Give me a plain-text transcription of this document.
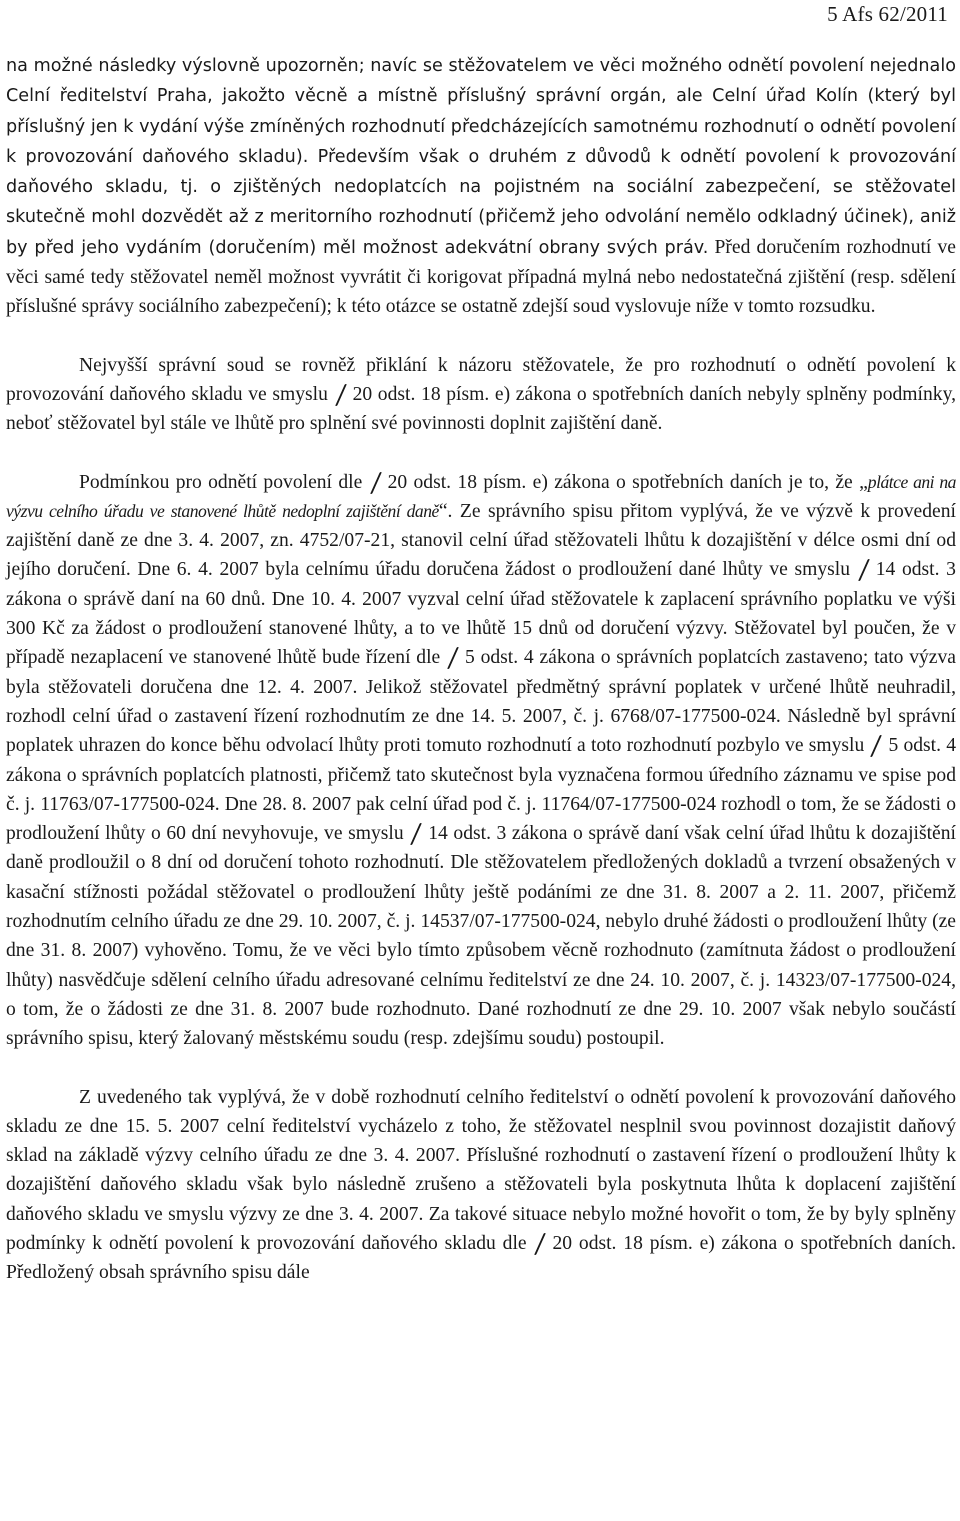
5 Afs 62/2011

na možné následky výslovně upozorněn; navíc se stěžovatelem ve věci možného odnětí povolení nejednalo Celní ředitelství Praha, jakožto věcně a místně příslušný správní orgán, ale Celní úřad Kolín (který byl příslušný jen k vydání výše zmíněných rozhodnutí předcházejících samotnému rozhodnutí o odnětí povolení k provozování daňového skladu). Především však o druhém z důvodů k odnětí povolení k provozování daňového skladu, tj. o zjištěných nedoplatcích na pojistném na sociální zabezpečení, se stěžovatel skutečně mohl dozvědět až z meritorního rozhodnutí (přičemž jeho odvolání nemělo odkladný účinek), aniž by před jeho vydáním (doručením) měl možnost adekvátní obrany svých práv. Před doručením rozhodnutí ve věci samé tedy stěžovatel neměl možnost vyvrátit či korigovat případná mylná nebo nedostatečná zjištění (resp. sdělení příslušné správy sociálního zabezpečení); k této otázce se ostatně zdejší soud vyslovuje níže v tomto rozsudku.

Nejvyšší správní soud se rovněž přiklání k názoru stěžovatele, že pro rozhodnutí o odnětí povolení k provozování daňového skladu ve smyslu 20 odst. 18 písm. e) zákona o spotřebních daních nebyly splněny podmínky, neboť stěžovatel byl stále ve lhůtě pro splnění své povinnosti doplnit zajištění daně.

Podmínkou pro odnětí povolení dle 20 odst. 18 písm. e) zákona o spotřebních daních je to, že „plátce ani na výzvu celního úřadu ve stanovené lhůtě nedoplní zajištění daně“. Ze správního spisu přitom vyplývá, že ve výzvě k provedení zajištění daně ze dne 3. 4. 2007, zn. 4752/07-21, stanovil celní úřad stěžovateli lhůtu k dozajištění v délce osmi dní od jejího doručení. Dne 6. 4. 2007 byla celnímu úřadu doručena žádost o prodloužení dané lhůty ve smyslu 14 odst. 3 zákona o správě daní na 60 dnů. Dne 10. 4. 2007 vyzval celní úřad stěžovatele k zaplacení správního poplatku ve výši 300 Kč za žádost o prodloužení stanovené lhůty, a to ve lhůtě 15 dnů od doručení výzvy. Stěžovatel byl poučen, že v případě nezaplacení ve stanovené lhůtě bude řízení dle 5 odst. 4 zákona o správních poplatcích zastaveno; tato výzva byla stěžovateli doručena dne 12. 4. 2007. Jelikož stěžovatel předmětný správní poplatek v určené lhůtě neuhradil, rozhodl celní úřad o zastavení řízení rozhodnutím ze dne 14. 5. 2007, č. j. 6768/07-177500-024. Následně byl správní poplatek uhrazen do konce běhu odvolací lhůty proti tomuto rozhodnutí a toto rozhodnutí pozbylo ve smyslu 5 odst. 4 zákona o správních poplatcích platnosti, přičemž tato skutečnost byla vyznačena formou úředního záznamu ve spise pod č. j. 11763/07-177500-024. Dne 28. 8. 2007 pak celní úřad pod č. j. 11764/07-177500-024 rozhodl o tom, že se žádosti o prodloužení lhůty o 60 dní nevyhovuje, ve smyslu 14 odst. 3 zákona o správě daní však celní úřad lhůtu k dozajištění daně prodloužil o 8 dní od doručení tohoto rozhodnutí. Dle stěžovatelem předložených dokladů a tvrzení obsažených v kasační stížnosti požádal stěžovatel o prodloužení lhůty ještě podáními ze dne 31. 8. 2007 a 2. 11. 2007, přičemž rozhodnutím celního úřadu ze dne 29. 10. 2007, č. j. 14537/07-177500-024, nebylo druhé žádosti o prodloužení lhůty (ze dne 31. 8. 2007) vyhověno. Tomu, že ve věci bylo tímto způsobem věcně rozhodnuto (zamítnuta žádost o prodloužení lhůty) nasvědčuje sdělení celního úřadu adresované celnímu ředitelství ze dne 24. 10. 2007, č. j. 14323/07-177500-024, o tom, že o žádosti ze dne 31. 8. 2007 bude rozhodnuto. Dané rozhodnutí ze dne 29. 10. 2007 však nebylo součástí správního spisu, který žalovaný městskému soudu (resp. zdejšímu soudu) postoupil.

Z uvedeného tak vyplývá, že v době rozhodnutí celního ředitelství o odnětí povolení k provozování daňového skladu ze dne 15. 5. 2007 celní ředitelství vycházelo z toho, že stěžovatel nesplnil svou povinnost dozajistit daňový sklad na základě výzvy celního úřadu ze dne 3. 4. 2007. Příslušné rozhodnutí o zastavení řízení o prodloužení lhůty k dozajištění daňového skladu však bylo následně zrušeno a stěžovateli byla poskytnuta lhůta k doplacení zajištění daňového skladu ve smyslu výzvy ze dne 3. 4. 2007. Za takové situace nebylo možné hovořit o tom, že by byly splněny podmínky k odnětí povolení k provozování daňového skladu dle 20 odst. 18 písm. e) zákona o spotřebních daních. Předložený obsah správního spisu dále
